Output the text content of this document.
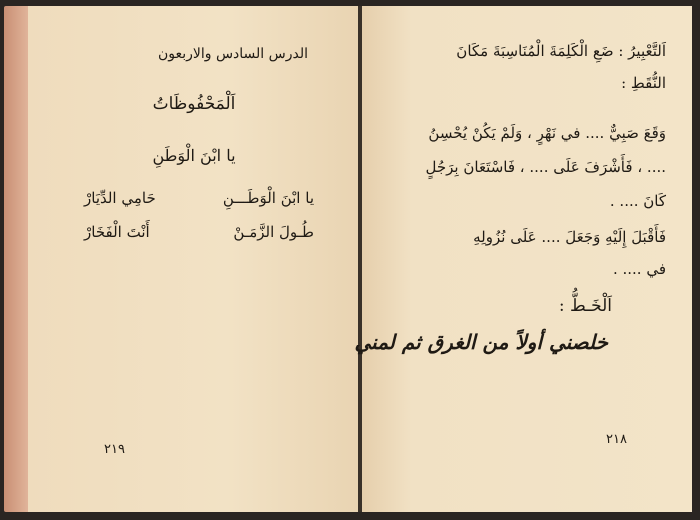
الدرس السادس والاربعون
اَلْمَحْفُوظَاتُ
يا ابْنَ الْوَطَنِ
يا ابْنَ الْوَطَـــنِ
حَامِي الدِّيَارْ
طُـولَ الزَّمَـنْ
أَنْتَ الْفَخَارْ
٢١٩
اَلتَّعْبِيرُ : ضَعِ الْكَلِمَةَ الْمُنَاسِبَةَ مَكَانَ
النُّقَطِ :
وَقَعَ صَبِيٌّ .... في نَهْرٍ ، وَلَمْ يَكُنْ يُحْسِنُ
.... ، فَأَشْرَفَ عَلَى .... ، فَاسْتَعَانَ بِرَجُلٍ
كَانَ .... .
فَأَقْبَلَ إِلَيْهِ وَجَعَلَ .... عَلَى نُزُولِهِ
في .... .
اَلْخَـطُّ :
خلصني أولاً من الغرق ثم لمني
٢١٨
